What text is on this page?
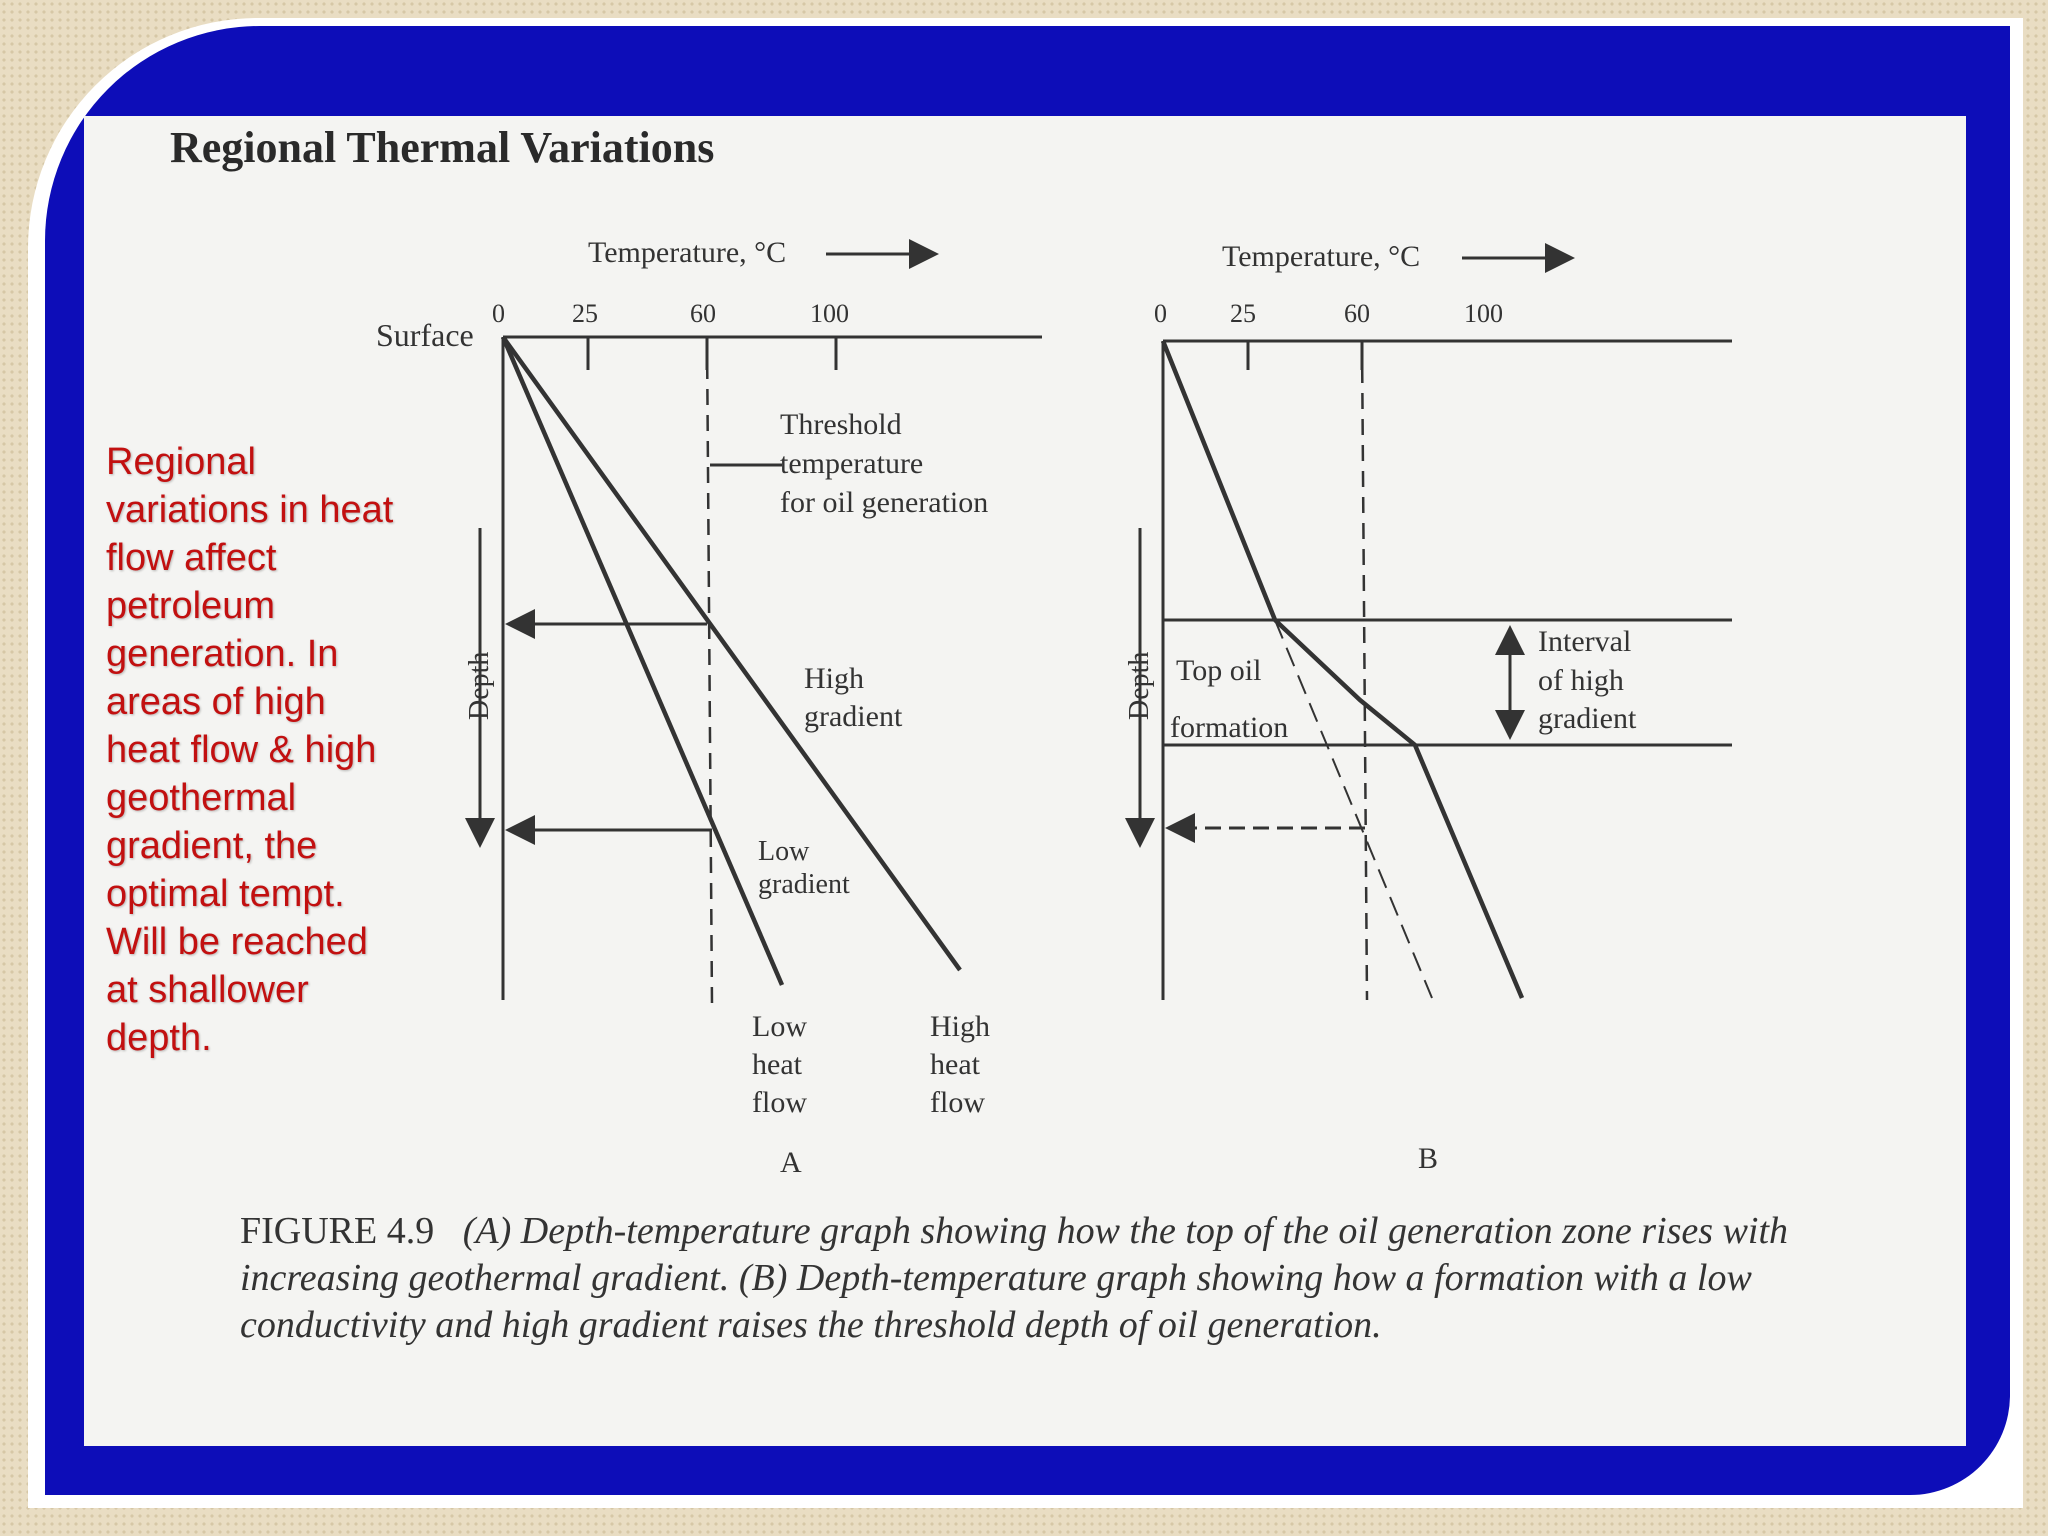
Regional Thermal Variations

Regional variations in heat flow affect petroleum generation. In areas of high heat flow & high geothermal gradient, the optimal tempt. Will be reached at shallower depth.

Temperature, °C
0	25	60	100
Surface
Threshold temperature for oil generation
Depth	High gradient
Low gradient
Low heat flow
High heat flow
A
Temperature, °C
0 25	60	100
Depth Top oil formation
Interval of high gradient
B

FIGURE 4.9 (A) Depth-temperature graph showing how the top of the oil generation zone rises with increasing geothermal gradient. (B) Depth-temperature graph showing how a formation with a low conductivity and high gradient raises the threshold depth of oil generation.
